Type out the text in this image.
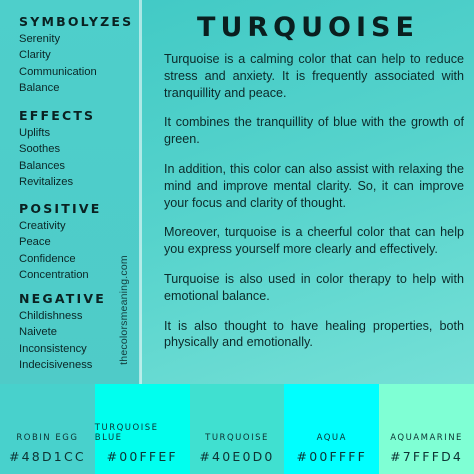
SYMBOLYZES
Serenity
Clarity
Communication
Balance
EFFECTS
Uplifts
Soothes
Balances
Revitalizes
POSITIVE
Creativity
Peace
Confidence
Concentration
NEGATIVE
Childishness
Naivete
Inconsistency
Indecisiveness
thecolorsmeaning.com
TURQUOISE

Turquoise is a calming color that can help to reduce stress and anxiety. It is frequently associated with tranquillity and peace.

It combines the tranquillity of blue with the growth of green.

In addition, this color can also assist with relaxing the mind and improve mental clarity. So, it can improve your focus and clarity of thought.

Moreover, turquoise is a cheerful color that can help you express yourself more clearly and effectively.

Turquoise is also used in color therapy to help with emotional balance.

It is also thought to have healing properties, both physically and emotionally.

ROBIN EGG
#48D1CC
TURQUOISE BLUE
#00FFEF
TURQUOISE
#40E0D0
AQUA
#00FFFF
AQUAMARINE
#7FFFD4
